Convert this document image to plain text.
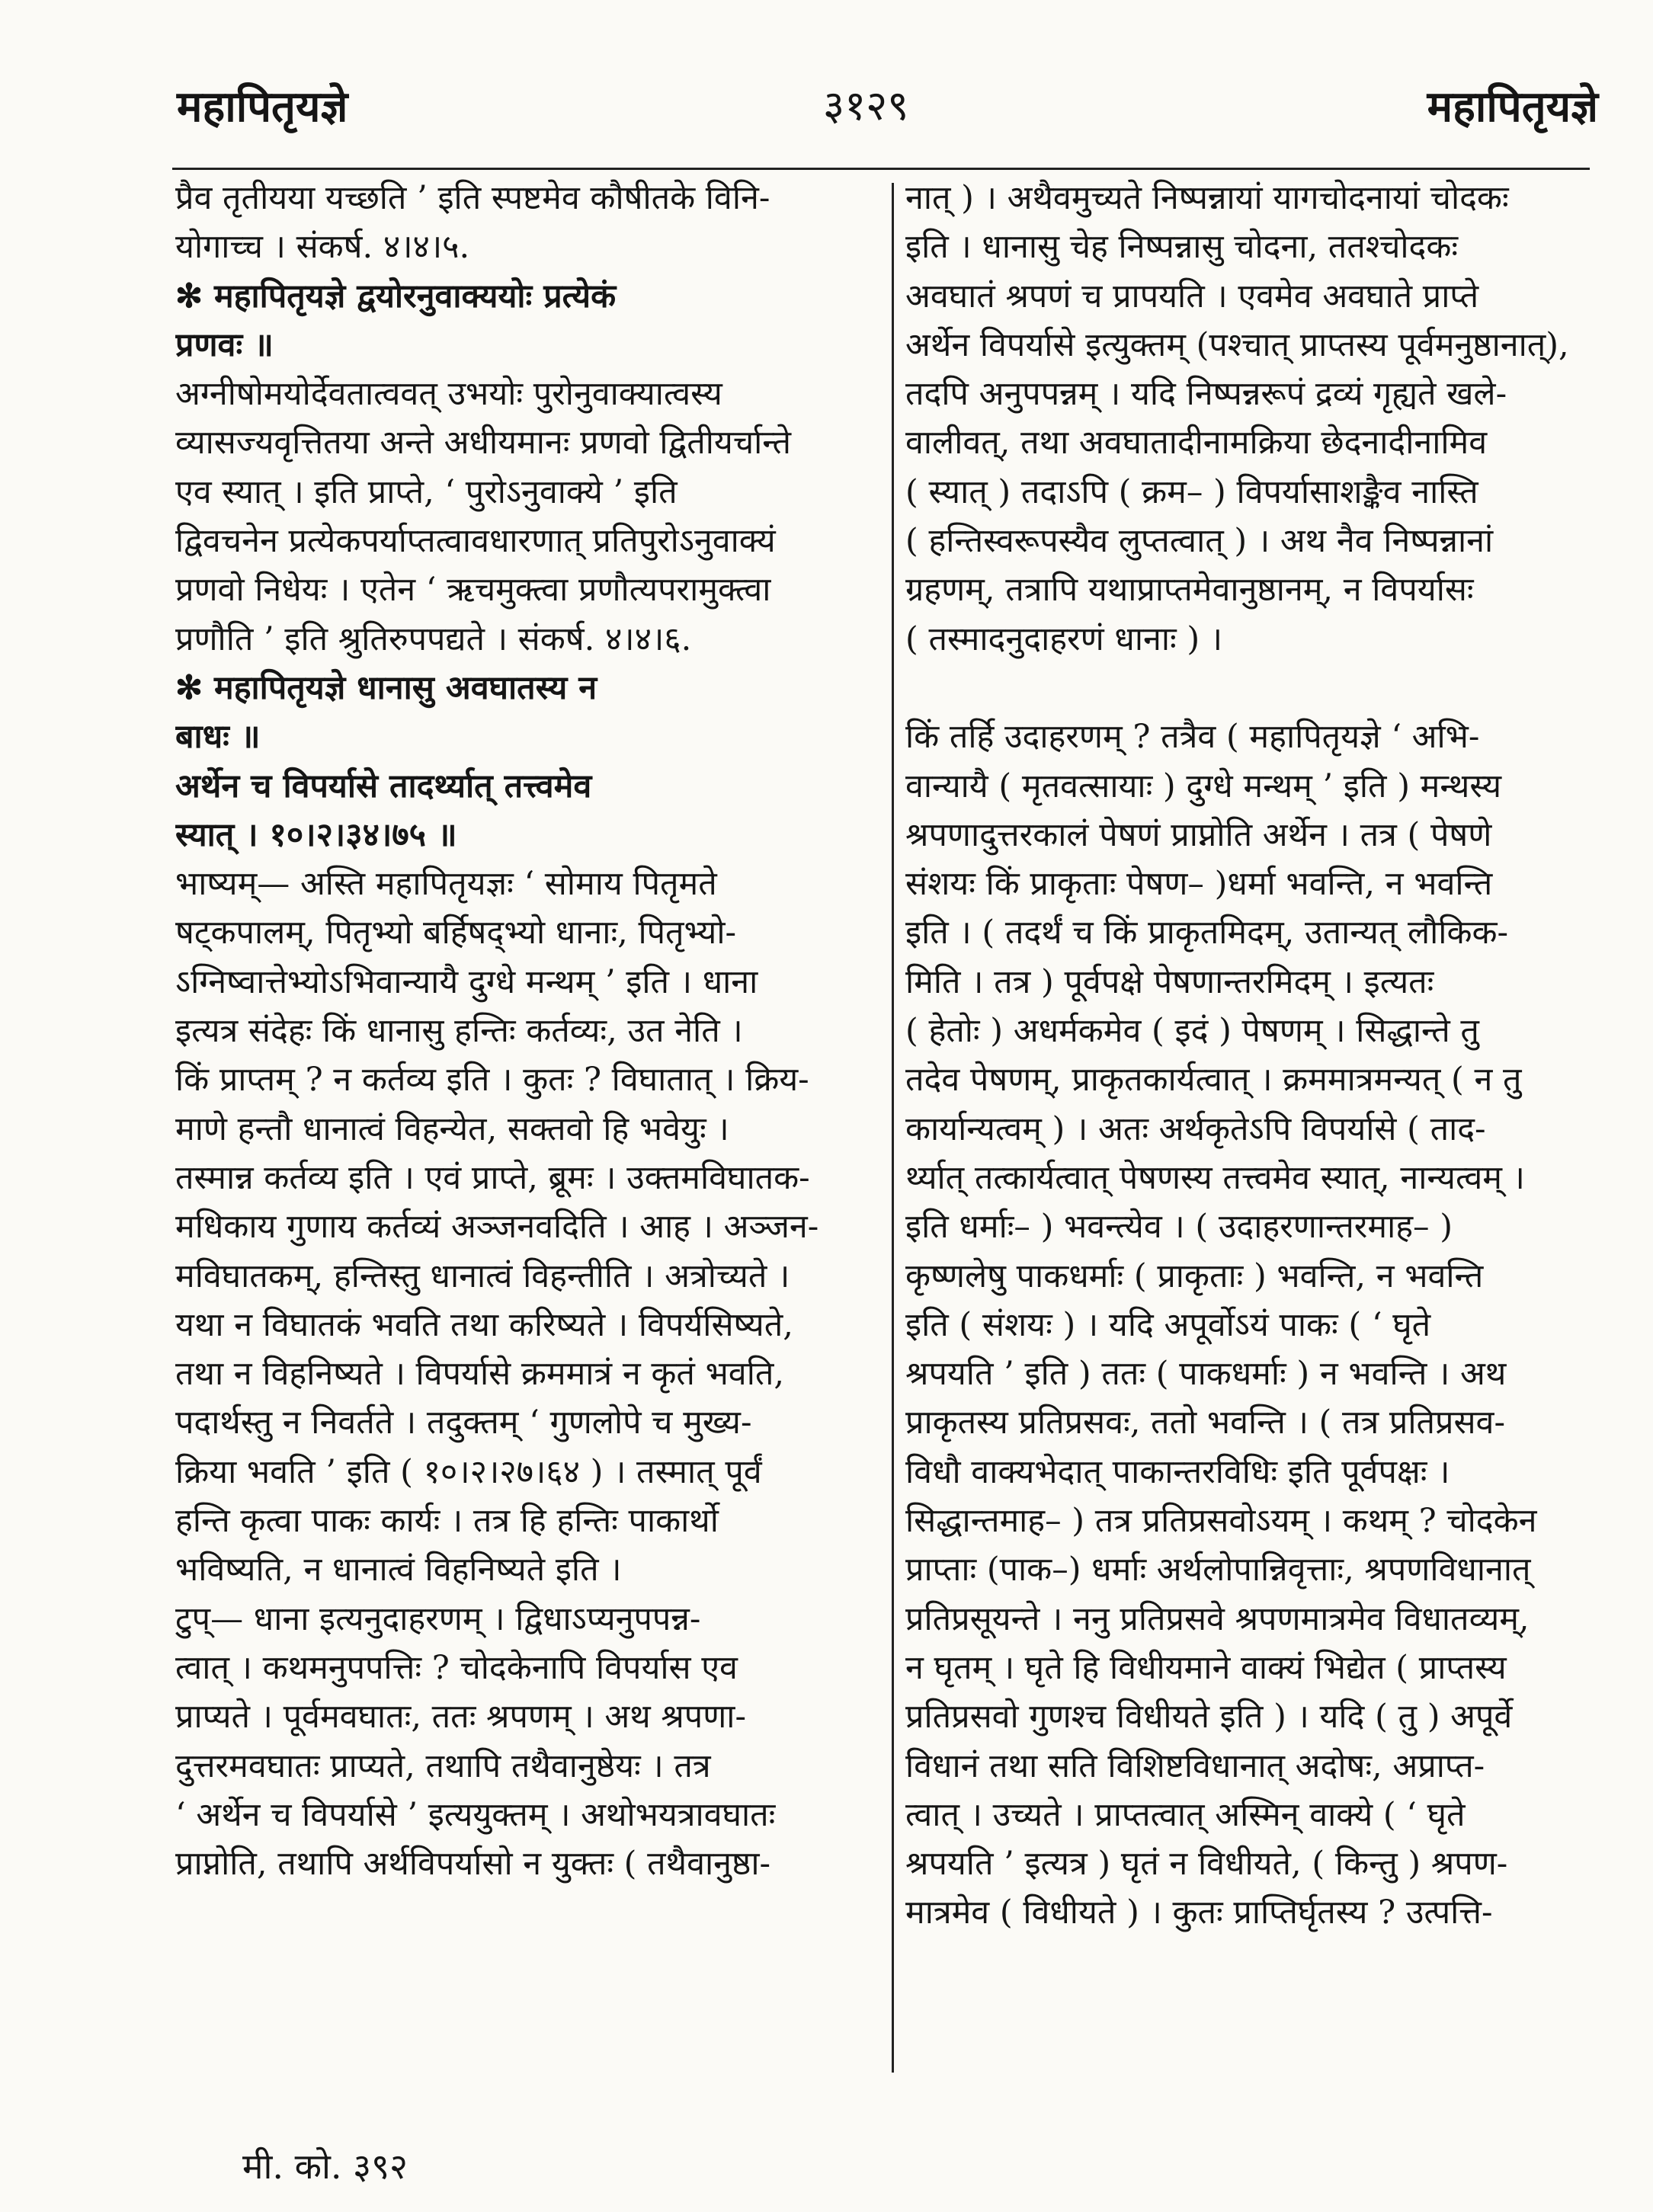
महापितृयज्ञे	३१२९	महापितृयज्ञे
प्रैव तृतीयया यच्छति ’ इति स्पष्टमेव कौषीतके विनि-
योगाच्च । संकर्ष. ४।४।५.
✻ महापितृयज्ञे द्वयोरनुवाक्ययोः प्रत्येकं
प्रणवः ॥
अग्नीषोमयोर्देवतात्ववत् उभयोः पुरोनुवाक्यात्वस्य
व्यासज्यवृत्तितया अन्ते अधीयमानः प्रणवो द्वितीयर्चान्ते
एव स्यात् । इति प्राप्ते, ‘ पुरोऽनुवाक्ये ’ इति
द्विवचनेन प्रत्येकपर्याप्तत्वावधारणात् प्रतिपुरोऽनुवाक्यं
प्रणवो निधेयः । एतेन ‘ ऋचमुक्त्वा प्रणौत्यपरामुक्त्वा
प्रणौति ’ इति श्रुतिरुपपद्यते । संकर्ष. ४।४।६.
✻ महापितृयज्ञे धानासु अवघातस्य न
बाधः ॥
अर्थेन च विपर्यासे तादर्थ्यात् तत्त्वमेव
स्यात् । १०।२।३४।७५ ॥
भाष्यम्— अस्ति महापितृयज्ञः ‘ सोमाय पितृमते
षट्कपालम्, पितृभ्यो बर्हिषद्भ्यो धानाः, पितृभ्यो-
ऽग्निष्वात्तेभ्योऽभिवान्यायै दुग्धे मन्थम् ’ इति । धाना
इत्यत्र संदेहः किं धानासु हन्तिः कर्तव्यः, उत नेति ।
किं प्राप्तम् ? न कर्तव्य इति । कुतः ? विघातात् । क्रिय-
माणे हन्तौ धानात्वं विहन्येत, सक्तवो हि भवेयुः ।
तस्मान्न कर्तव्य इति । एवं प्राप्ते, ब्रूमः । उक्तमविघातक-
मधिकाय गुणाय कर्तव्यं अञ्जनवदिति । आह । अञ्जन-
मविघातकम्, हन्तिस्तु धानात्वं विहन्तीति । अत्रोच्यते ।
यथा न विघातकं भवति तथा करिष्यते । विपर्यसिष्यते,
तथा न विहनिष्यते । विपर्यासे क्रममात्रं न कृतं भवति,
पदार्थस्तु न निवर्तते । तदुक्तम् ‘ गुणलोपे च मुख्य-
क्रिया भवति ’ इति ( १०।२।२७।६४ ) । तस्मात् पूर्वं
हन्ति कृत्वा पाकः कार्यः । तत्र हि हन्तिः पाकार्थो
भविष्यति, न धानात्वं विहनिष्यते इति ।
टुप्— धाना इत्यनुदाहरणम् । द्विधाऽप्यनुपपन्न-
त्वात् । कथमनुपपत्तिः ? चोदकेनापि विपर्यास एव
प्राप्यते । पूर्वमवघातः, ततः श्रपणम् । अथ श्रपणा-
दुत्तरमवघातः प्राप्यते, तथापि तथैवानुष्ठेयः । तत्र
‘ अर्थेन च विपर्यासे ’ इत्ययुक्तम् । अथोभयत्रावघातः
प्राप्नोति, तथापि अर्थविपर्यासो न युक्तः ( तथैवानुष्ठा-
नात् ) । अथैवमुच्यते निष्पन्नायां यागचोदनायां चोदकः
इति । धानासु चेह निष्पन्नासु चोदना, ततश्चोदकः
अवघातं श्रपणं च प्रापयति । एवमेव अवघाते प्राप्ते
अर्थेन विपर्यासे इत्युक्तम् (पश्चात् प्राप्तस्य पूर्वमनुष्ठानात्),
तदपि अनुपपन्नम् । यदि निष्पन्नरूपं द्रव्यं गृह्यते खले-
वालीवत्, तथा अवघातादीनामक्रिया छेदनादीनामिव
( स्यात् ) तदाऽपि ( क्रम– ) विपर्यासाशङ्कैव नास्ति
( हन्तिस्वरूपस्यैव लुप्तत्वात् ) । अथ नैव निष्पन्नानां
ग्रहणम्, तत्रापि यथाप्राप्तमेवानुष्ठानम्, न विपर्यासः
( तस्मादनुदाहरणं धानाः ) ।
किं तर्हि उदाहरणम् ? तत्रैव ( महापितृयज्ञे ‘ अभि-
वान्यायै ( मृतवत्सायाः ) दुग्धे मन्थम् ’ इति ) मन्थस्य
श्रपणादुत्तरकालं पेषणं प्राप्नोति अर्थेन । तत्र ( पेषणे
संशयः किं प्राकृताः पेषण– )धर्मा भवन्ति, न भवन्ति
इति । ( तदर्थं च किं प्राकृतमिदम्, उतान्यत् लौकिक-
मिति । तत्र ) पूर्वपक्षे पेषणान्तरमिदम् । इत्यतः
( हेतोः ) अधर्मकमेव ( इदं ) पेषणम् । सिद्धान्ते तु
तदेव पेषणम्, प्राकृतकार्यत्वात् । क्रममात्रमन्यत् ( न तु
कार्यान्यत्वम् ) । अतः अर्थकृतेऽपि विपर्यासे ( ताद-
र्थ्यात् तत्कार्यत्वात् पेषणस्य तत्त्वमेव स्यात्, नान्यत्वम् ।
इति धर्माः– ) भवन्त्येव । ( उदाहरणान्तरमाह– )
कृष्णलेषु पाकधर्माः ( प्राकृताः ) भवन्ति, न भवन्ति
इति ( संशयः ) । यदि अपूर्वोऽयं पाकः ( ‘ घृते
श्रपयति ’ इति ) ततः ( पाकधर्माः ) न भवन्ति । अथ
प्राकृतस्य प्रतिप्रसवः, ततो भवन्ति । ( तत्र प्रतिप्रसव-
विधौ वाक्यभेदात् पाकान्तरविधिः इति पूर्वपक्षः ।
सिद्धान्तमाह– ) तत्र प्रतिप्रसवोऽयम् । कथम् ? चोदकेन
प्राप्ताः (पाक–) धर्माः अर्थलोपान्निवृत्ताः, श्रपणविधानात्
प्रतिप्रसूयन्ते । ननु प्रतिप्रसवे श्रपणमात्रमेव विधातव्यम्,
न घृतम् । घृते हि विधीयमाने वाक्यं भिद्येत ( प्राप्तस्य
प्रतिप्रसवो गुणश्च विधीयते इति ) । यदि ( तु ) अपूर्वे
विधानं तथा सति विशिष्टविधानात् अदोषः, अप्राप्त-
त्वात् । उच्यते । प्राप्तत्वात् अस्मिन् वाक्ये ( ‘ घृते
श्रपयति ’ इत्यत्र ) घृतं न विधीयते, ( किन्तु ) श्रपण-
मात्रमेव ( विधीयते ) । कुतः प्राप्तिर्घृतस्य ? उत्पत्ति-
मी. को. ३९२
